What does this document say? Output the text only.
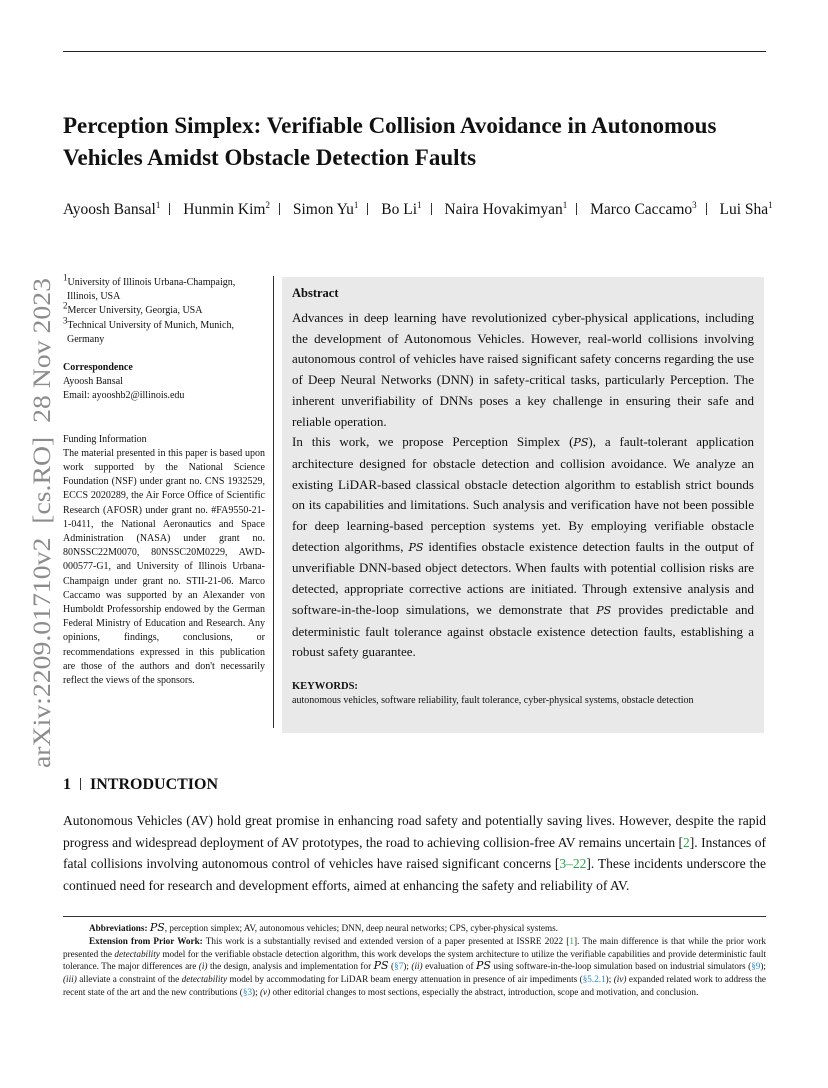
Perception Simplex: Verifiable Collision Avoidance in Autonomous Vehicles Amidst Obstacle Detection Faults
Ayoosh Bansal$^1$ Hunmin Kim$^2$ Simon Yu$^1$ Bo Li$^1$ Naira Hovakimyan$^1$ Marco Caccamo$^3$ Lui Sha$^1$
arXiv:2209.01710v2  [cs.RO]  28 Nov 2023

1University of Illinois Urbana-Champaign,

Illinois, USA

2Mercer University, Georgia, USA

3Technical University of Munich, Munich,

Germany

Correspondence

Ayoosh Bansal

Email: ayooshb2@illinois.edu

Funding Information

The material presented in this paper is based upon work supported by the National Science Foundation (NSF) under grant no. CNS 1932529, ECCS 2020289, the Air Force Office of Scientific Research (AFOSR) under grant no. #FA9550-21-1-0411, the National Aeronautics and Space Administration (NASA) under grant no. 80NSSC22M0070, 80NSSC20M0229, AWD-000577-G1, and University of Illinois Urbana-Champaign under grant no. STII-21-06. Marco Caccamo was supported by an Alexander von Humboldt Professorship endowed by the German Federal Ministry of Education and Research. Any opinions, findings, conclusions, or recommendations expressed in this publication are those of the authors and don't necessarily reflect the views of the sponsors.

Abstract

Advances in deep learning have revolutionized cyber-physical applications, including the development of Autonomous Vehicles. However, real-world collisions involving autonomous control of vehicles have raised significant safety concerns regarding the use of Deep Neural Networks (DNN) in safety-critical tasks, particularly Perception. The inherent unverifiability of DNNs poses a key challenge in ensuring their safe and reliable operation.

In this work, we propose Perception Simplex (PS), a fault-tolerant application architecture designed for obstacle detection and collision avoidance. We analyze an existing LiDAR-based classical obstacle detection algorithm to establish strict bounds on its capabilities and limitations. Such analysis and verification have not been possible for deep learning-based perception systems yet. By employing verifiable obstacle detection algorithms, PS identifies obstacle existence detection faults in the output of unverifiable DNN-based object detectors. When faults with potential collision risks are detected, appropriate corrective actions are initiated. Through extensive analysis and software-in-the-loop simulations, we demonstrate that PS provides predictable and deterministic fault tolerance against obstacle existence detection faults, establishing a robust safety guarantee.

KEYWORDS:

autonomous vehicles, software reliability, fault tolerance, cyber-physical systems, obstacle detection

1 INTRODUCTION

Autonomous Vehicles (AV) hold great promise in enhancing road safety and potentially saving lives. However, despite the rapid progress and widespread deployment of AV prototypes, the road to achieving collision-free AV remains uncertain [2]. Instances of fatal collisions involving autonomous control of vehicles have raised significant concerns [3–22]. These incidents underscore the continued need for research and development efforts, aimed at enhancing the safety and reliability of AV.

Abbreviations: PS, perception simplex; AV, autonomous vehicles; DNN, deep neural networks; CPS, cyber-physical systems.

Extension from Prior Work: This work is a substantially revised and extended version of a paper presented at ISSRE 2022 [1]. The main difference is that while the prior work presented the detectability model for the verifiable obstacle detection algorithm, this work develops the system architecture to utilize the verifiable capabilities and provide deterministic fault tolerance. The major differences are (i) the design, analysis and implementation for PS (§7); (ii) evaluation of PS using software-in-the-loop simulation based on industrial simulators (§9); (iii) alleviate a constraint of the detectability model by accommodating for LiDAR beam energy attenuation in presence of air impediments (§5.2.1); (iv) expanded related work to address the recent state of the art and the new contributions (§3); (v) other editorial changes to most sections, especially the abstract, introduction, scope and motivation, and conclusion.
